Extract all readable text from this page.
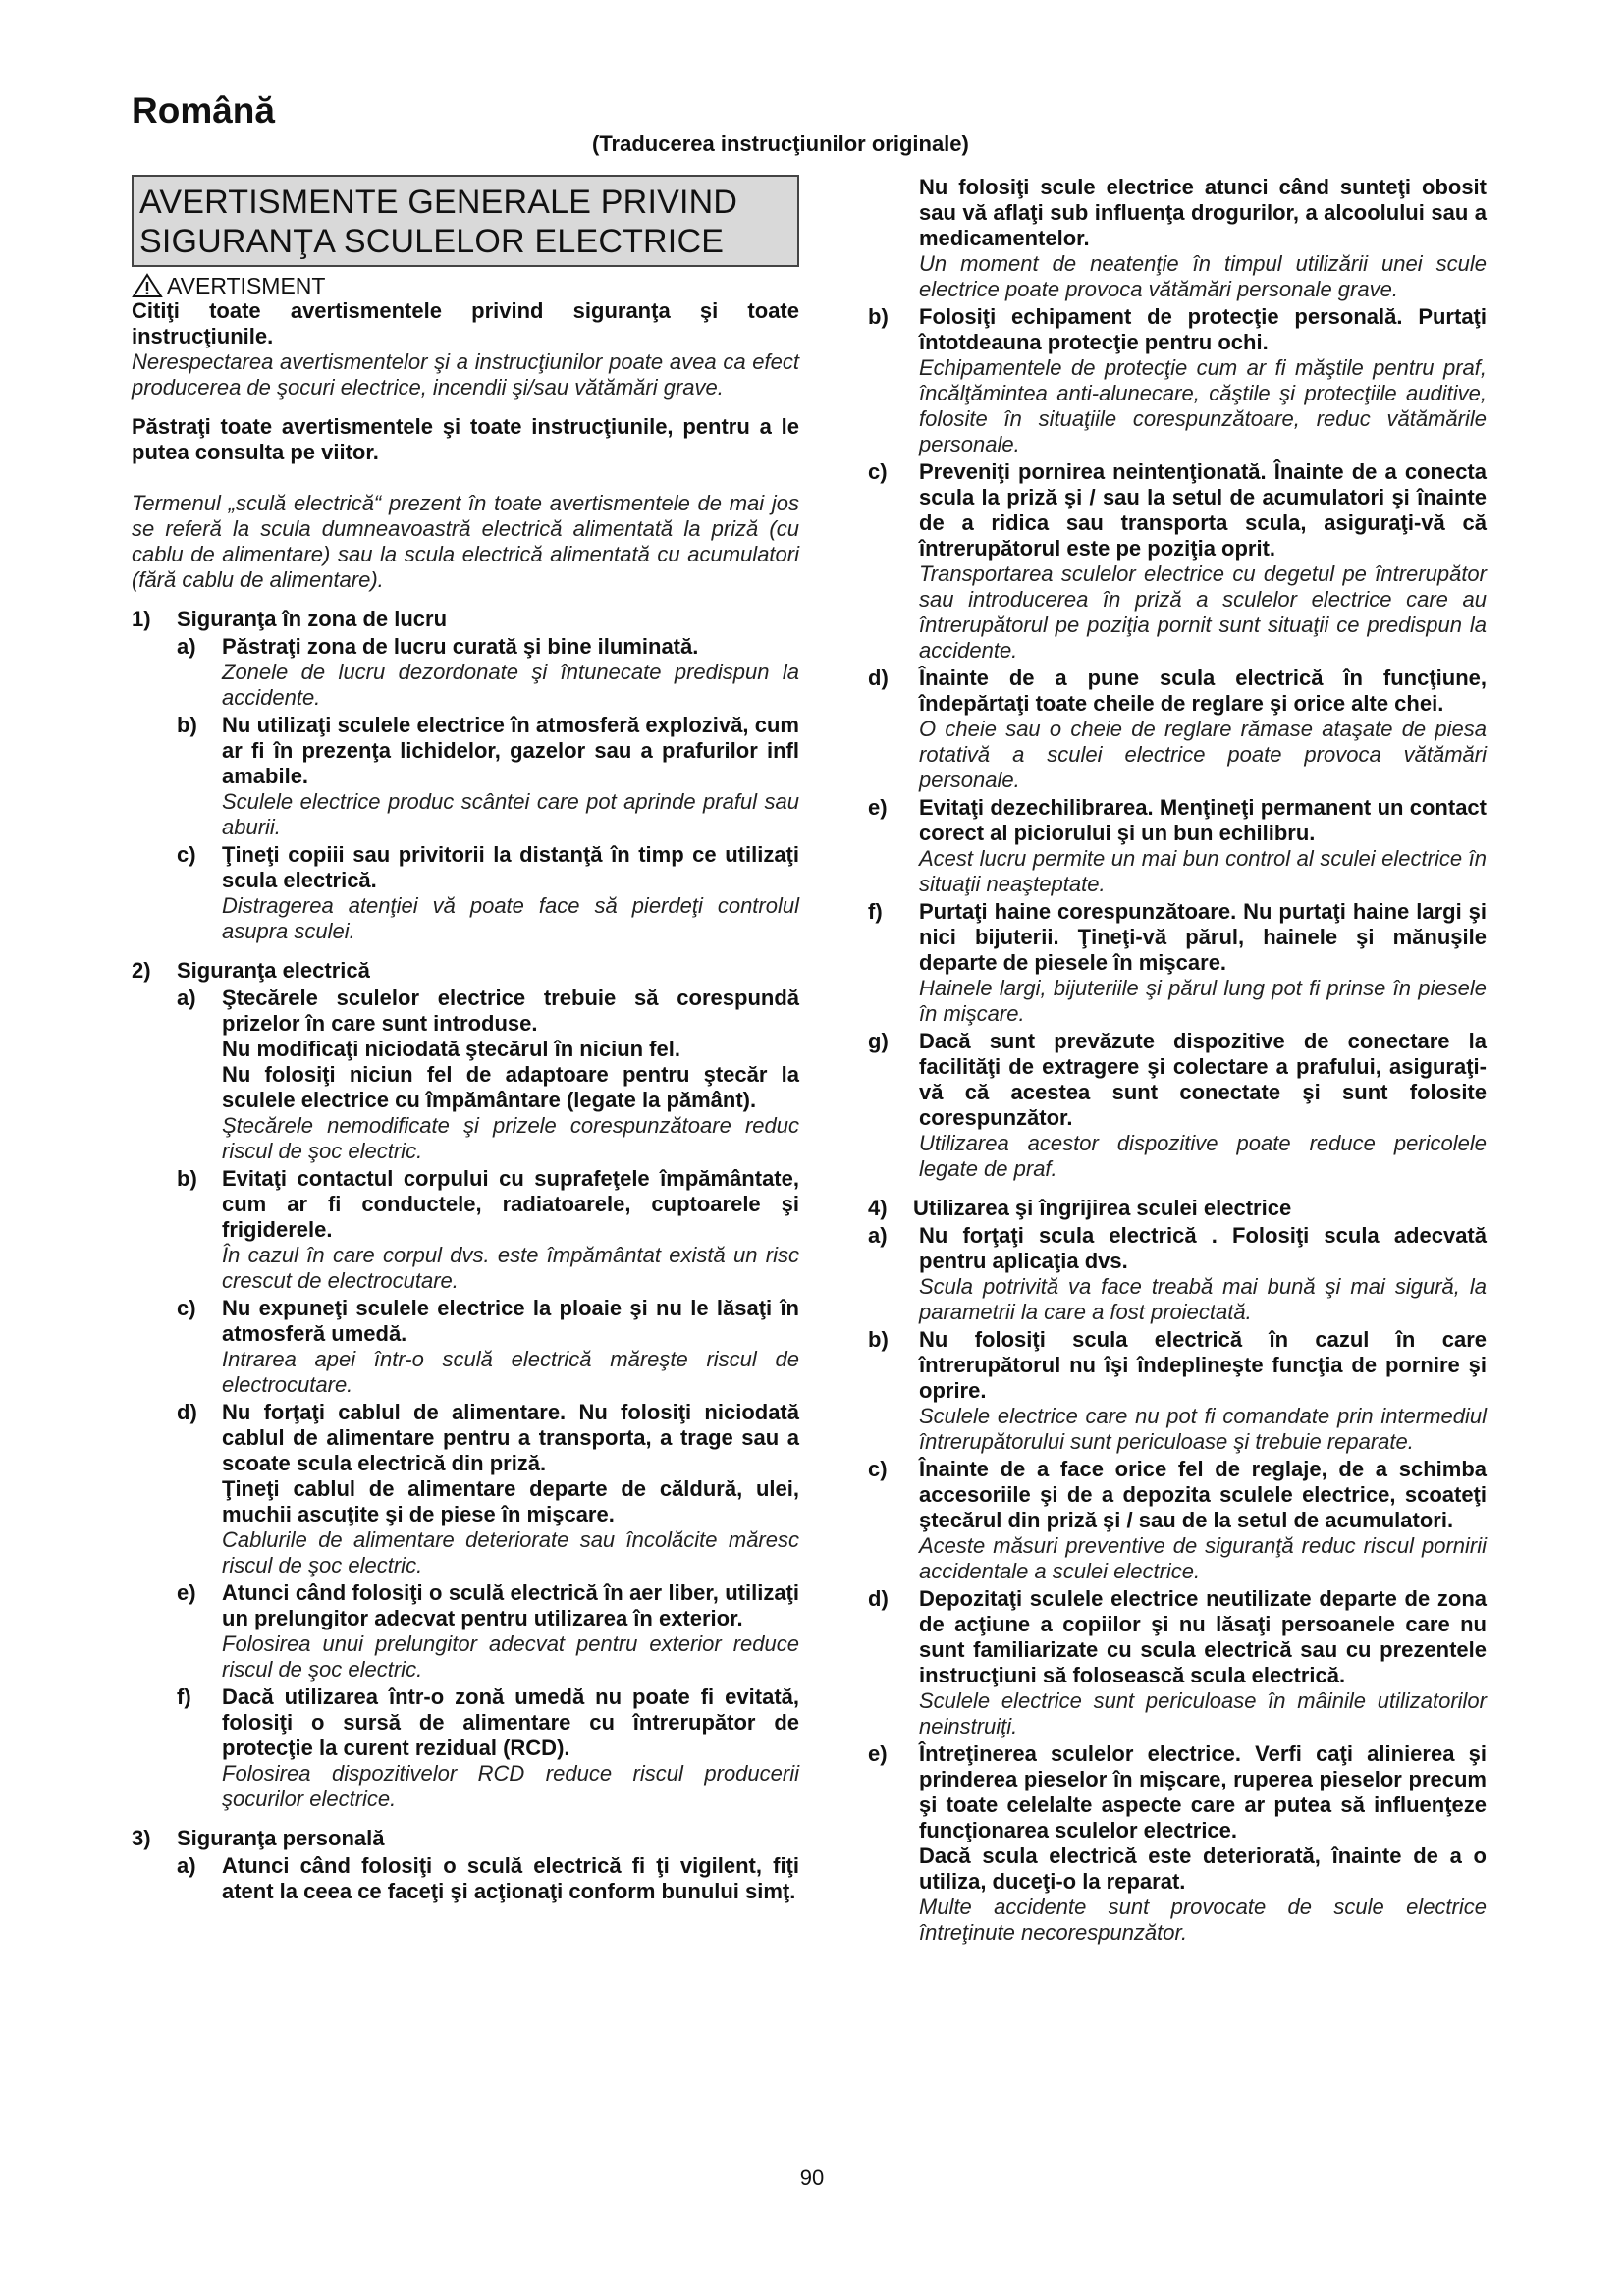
Română
(Traducerea instrucţiunilor originale)
AVERTISMENTE GENERALE PRIVIND
SIGURANŢA SCULELOR ELECTRICE
AVERTISMENT

Citiţi toate avertismentele privind siguranţa şi toate instrucţiunile.

Nerespectarea avertismentelor şi a instrucţiunilor poate avea ca efect producerea de şocuri electrice, incendii şi/sau vătămări grave.

Păstraţi toate avertismentele şi toate instrucţiunile, pentru a le putea consulta pe viitor.

Termenul „sculă electrică“ prezent în toate avertismentele de mai jos se referă la scula dumneavoastră electrică alimentată la priză (cu cablu de alimentare) sau la scula electrică alimentată cu acumulatori (fără cablu de alimentare).

1)	Siguranţa în zona de lucru
a)	Păstraţi zona de lucru curată şi bine iluminată.

Zonele de lucru dezordonate şi întunecate predispun la accidente.

b)	Nu utilizaţi sculele electrice în atmosferă explozivă, cum ar fi în prezenţa lichidelor, gazelor sau a prafurilor infl amabile.

Sculele electrice produc scântei care pot aprinde praful sau aburii.

c)	Ţineţi copiii sau privitorii la distanţă în timp ce utilizaţi scula electrică.

Distragerea atenţiei vă poate face să pierdeţi controlul asupra sculei.

2)	Siguranţa electrică
a)	Ştecărele sculelor electrice trebuie să corespundă prizelor în care sunt introduse.

Nu modificaţi niciodată ştecărul în niciun fel.

Nu folosiţi niciun fel de adaptoare pentru ştecăr la sculele electrice cu împământare (legate la pământ).

Ştecărele nemodificate şi prizele corespunzătoare reduc riscul de şoc electric.

b)	Evitaţi contactul corpului cu suprafeţele împământate, cum ar fi conductele, radiatoarele, cuptoarele şi frigiderele.

În cazul în care corpul dvs. este împământat există un risc crescut de electrocutare.

c)	Nu expuneţi sculele electrice la ploaie şi nu le lăsaţi în atmosferă umedă.

Intrarea apei într-o sculă electrică măreşte riscul de electrocutare.

d)	Nu forţaţi cablul de alimentare. Nu folosiţi niciodată cablul de alimentare pentru a transporta, a trage sau a scoate scula electrică din priză.

Ţineţi cablul de alimentare departe de căldură, ulei, muchii ascuţite şi de piese în mişcare.

Cablurile de alimentare deteriorate sau încolăcite măresc riscul de şoc electric.

e)	Atunci când folosiţi o sculă electrică în aer liber, utilizaţi un prelungitor adecvat pentru utilizarea în exterior.

Folosirea unui prelungitor adecvat pentru exterior reduce riscul de şoc electric.

f)	Dacă utilizarea într-o zonă umedă nu poate fi evitată, folosiţi o sursă de alimentare cu întrerupător de protecţie la curent rezidual (RCD).

Folosirea dispozitivelor RCD reduce riscul producerii şocurilor electrice.

3)	Siguranţa personală
a)	Atunci când folosiţi o sculă electrică fi ţi vigilent, fiţi atent la ceea ce faceţi şi acţionaţi conform bunului simţ.

Nu folosiţi scule electrice atunci când sunteţi obosit sau vă aflaţi sub influenţa drogurilor, a alcoolului sau a medicamentelor.

Un moment de neatenţie în timpul utilizării unei scule electrice poate provoca vătămări personale grave.

b)	Folosiţi echipament de protecţie personală. Purtaţi întotdeauna protecţie pentru ochi.

Echipamentele de protecţie cum ar fi măştile pentru praf, încălţămintea anti-alunecare, căştile şi protecţiile auditive, folosite în situaţiile corespunzătoare, reduc vătămările personale.

c)	Preveniţi pornirea neintenţionată. Înainte de a conecta scula la priză şi / sau la setul de acumulatori şi înainte de a ridica sau transporta scula, asiguraţi-vă că întrerupătorul este pe poziţia oprit.

Transportarea sculelor electrice cu degetul pe întrerupător sau introducerea în priză a sculelor electrice care au întrerupătorul pe poziţia pornit sunt situaţii ce predispun la accidente.

d)	Înainte de a pune scula electrică în funcţiune, îndepărtaţi toate cheile de reglare şi orice alte chei.

O cheie sau o cheie de reglare rămase ataşate de piesa rotativă a sculei electrice poate provoca vătămări personale.

e)	Evitaţi dezechilibrarea. Menţineţi permanent un contact corect al piciorului şi un bun echilibru.

Acest lucru permite un mai bun control al sculei electrice în situaţii neaşteptate.

f)	Purtaţi haine corespunzătoare. Nu purtaţi haine largi şi nici bijuterii. Ţineţi-vă părul, hainele şi mănuşile departe de piesele în mişcare.

Hainele largi, bijuteriile şi părul lung pot fi prinse în piesele în mişcare.

g)	Dacă sunt prevăzute dispozitive de conectare la facilităţi de extragere şi colectare a prafului, asiguraţi-vă că acestea sunt conectate şi sunt folosite corespunzător.

Utilizarea acestor dispozitive poate reduce pericolele legate de praf.

4)	Utilizarea şi îngrijirea sculei electrice
a)	Nu forţaţi scula electrică . Folosiţi scula adecvată pentru aplicaţia dvs.

Scula potrivită va face treabă mai bună şi mai sigură, la parametrii la care a fost proiectată.

b)	Nu folosiţi scula electrică în cazul în care întrerupătorul nu îşi îndeplineşte funcţia de pornire şi oprire.

Sculele electrice care nu pot fi comandate prin intermediul întrerupătorului sunt periculoase şi trebuie reparate.

c)	Înainte de a face orice fel de reglaje, de a schimba accesoriile şi de a depozita sculele electrice, scoateţi ştecărul din priză şi / sau de la setul de acumulatori.

Aceste măsuri preventive de siguranţă reduc riscul pornirii accidentale a sculei electrice.

d)	Depozitaţi sculele electrice neutilizate departe de zona de acţiune a copiilor şi nu lăsaţi persoanele care nu sunt familiarizate cu scula electrică sau cu prezentele instrucţiuni să folosească scula electrică.

Sculele electrice sunt periculoase în mâinile utilizatorilor neinstruiţi.

e)	Întreţinerea sculelor electrice. Verfi caţi alinierea şi prinderea pieselor în mişcare, ruperea pieselor precum şi toate celelalte aspecte care ar putea să influenţeze funcţionarea sculelor electrice.

Dacă scula electrică este deteriorată, înainte de a o utiliza, duceţi-o la reparat.

Multe accidente sunt provocate de scule electrice întreţinute necorespunzător.

90
